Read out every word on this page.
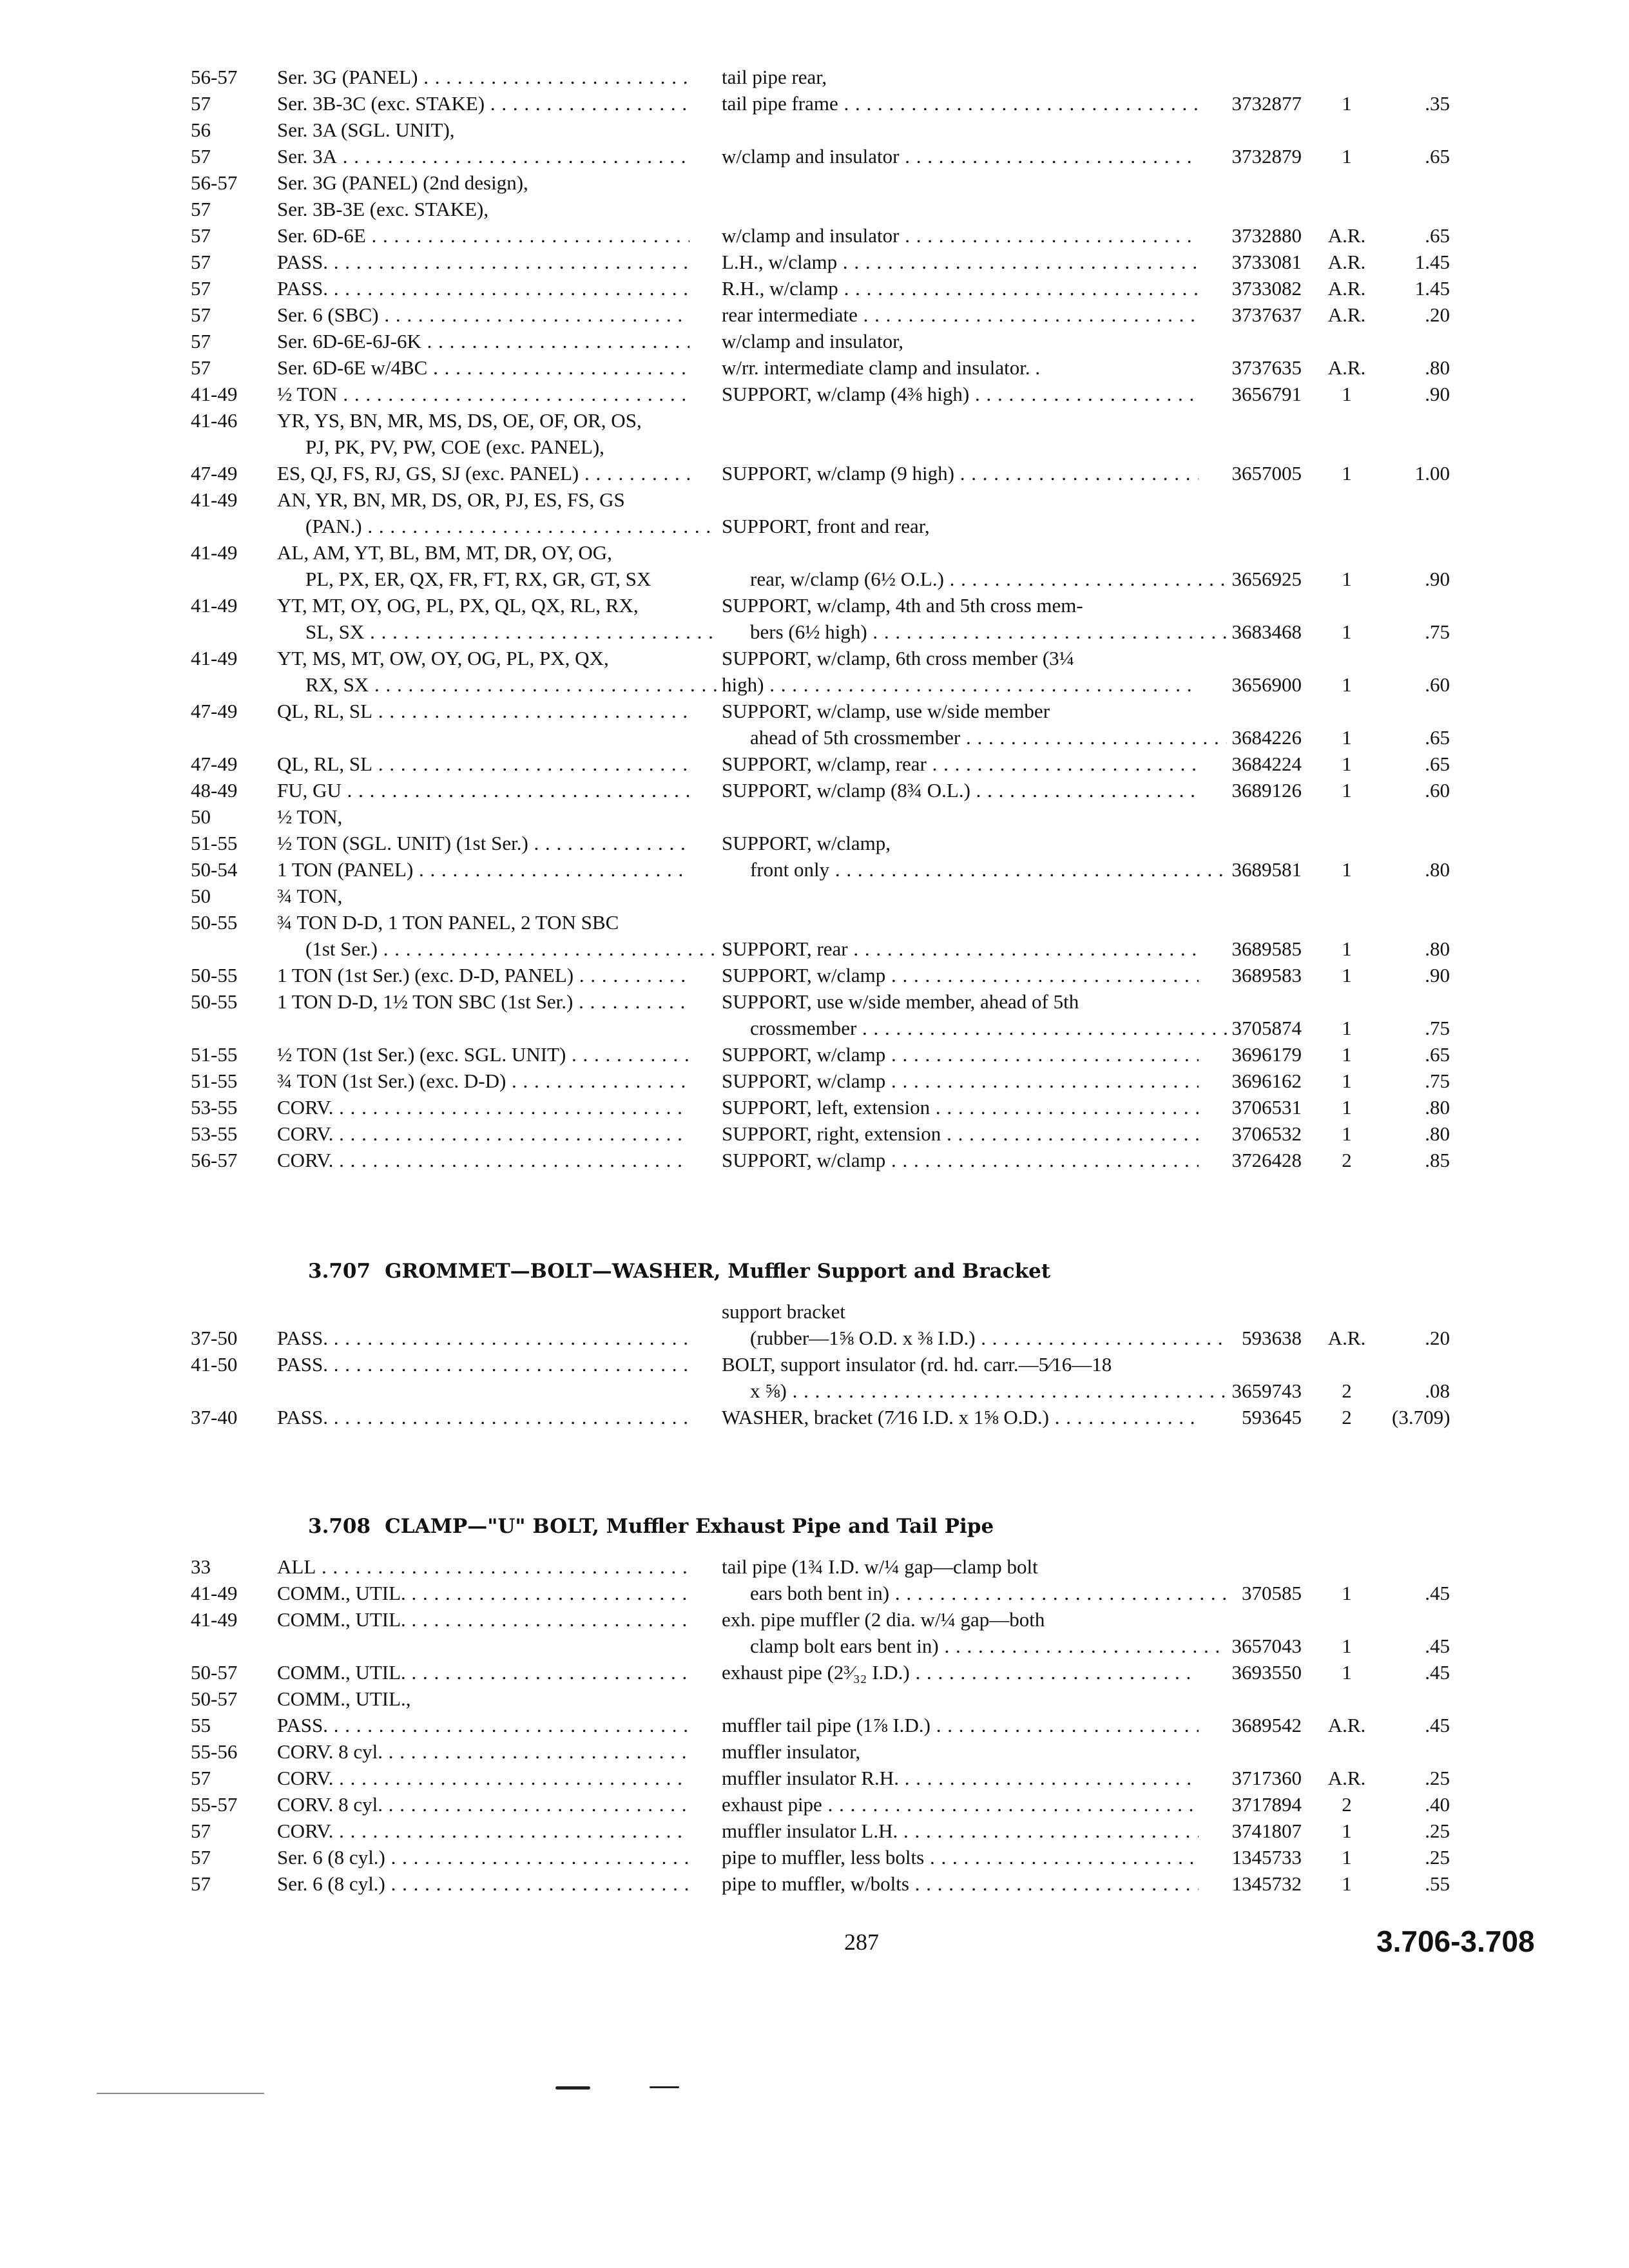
56-57	Ser. 3G (PANEL) . . .	tail pipe rear,
57	Ser. 3B-3C (exc. STAKE) . . .	tail pipe frame . . .	3732877	1	.35
56	Ser. 3A (SGL. UNIT),
57	Ser. 3A . . .	w/clamp and insulator . . .	3732879	1	.65
56-57	Ser. 3G (PANEL) (2nd design),
57	Ser. 3B-3E (exc. STAKE),
57	Ser. 6D-6E . . .	w/clamp and insulator . . .	3732880	A.R.	.65
57	PASS. . . .	L.H., w/clamp . . .	3733081	A.R.	1.45
57	PASS. . . .	R.H., w/clamp . . .	3733082	A.R.	1.45
57	Ser. 6 (SBC) . . .	rear intermediate . . .	3737637	A.R.	.20
57	Ser. 6D-6E-6J-6K . . .	w/clamp and insulator,
57	Ser. 6D-6E w/4BC . . .	w/rr. intermediate clamp and insulator. .	3737635	A.R.	.80
41-49	½ TON . . .	SUPPORT, w/clamp (4⅜ high) . . .	3656791	1	.90
41-46	YR, YS, BN, MR, MS, DS, OE, OF, OR, OS,
PJ, PK, PV, PW, COE (exc. PANEL),
47-49	ES, QJ, FS, RJ, GS, SJ (exc. PANEL) . . .	SUPPORT, w/clamp (9 high) . . .	3657005	1	1.00
41-49	AN, YR, BN, MR, DS, OR, PJ, ES, FS, GS
(PAN.) . . .	SUPPORT, front and rear,
41-49	AL, AM, YT, BL, BM, MT, DR, OY, OG,
PL, PX, ER, QX, FR, FT, RX, GR, GT, SX	rear, w/clamp (6½ O.L.) . . .	3656925	1	.90
41-49	YT, MT, OY, OG, PL, PX, QL, QX, RL, RX,	SUPPORT, w/clamp, 4th and 5th cross mem-
SL, SX . . .	bers (6½ high) . . .	3683468	1	.75
41-49	YT, MS, MT, OW, OY, OG, PL, PX, QX,	SUPPORT, w/clamp, 6th cross member (3¼
RX, SX . . .	high) . . .	3656900	1	.60
47-49	QL, RL, SL . . .	SUPPORT, w/clamp, use w/side member
ahead of 5th crossmember . . .	3684226	1	.65
47-49	QL, RL, SL . . .	SUPPORT, w/clamp, rear . . .	3684224	1	.65
48-49	FU, GU . . .	SUPPORT, w/clamp (8¾ O.L.) . . .	3689126	1	.60
50	½ TON,
51-55	½ TON (SGL. UNIT) (1st Ser.) . . .	SUPPORT, w/clamp,
50-54	1 TON (PANEL) . . .	front only . . .	3689581	1	.80
50	¾ TON,
50-55	¾ TON D-D, 1 TON PANEL, 2 TON SBC
(1st Ser.) . . .	SUPPORT, rear . . .	3689585	1	.80
50-55	1 TON (1st Ser.) (exc. D-D, PANEL) . . .	SUPPORT, w/clamp . . .	3689583	1	.90
50-55	1 TON D-D, 1½ TON SBC (1st Ser.) . . .	SUPPORT, use w/side member, ahead of 5th
crossmember . . .	3705874	1	.75
51-55	½ TON (1st Ser.) (exc. SGL. UNIT) . . .	SUPPORT, w/clamp . . .	3696179	1	.65
51-55	¾ TON (1st Ser.) (exc. D-D) . . .	SUPPORT, w/clamp . . .	3696162	1	.75
53-55	CORV. . . .	SUPPORT, left, extension . . .	3706531	1	.80
53-55	CORV. . . .	SUPPORT, right, extension . . .	3706532	1	.80
56-57	CORV. . . .	SUPPORT, w/clamp . . .	3726428	2	.85
3.707 GROMMET—BOLT—WASHER, Muffler Support and Bracket
support bracket
37-50	PASS. . . .	(rubber—1⅝ O.D. x ⅜ I.D.) . . .	593638	A.R.	.20
41-50	PASS. . . .	BOLT, support insulator (rd. hd. carr.—5⁄16—18
x ⅝) . . .	3659743	2	.08
37-40	PASS. . . .	WASHER, bracket (7⁄16 I.D. x 1⅝ O.D.) . . .	593645	2	(3.709)
3.708 CLAMP—"U" BOLT, Muffler Exhaust Pipe and Tail Pipe
33	ALL . . .	tail pipe (1¾ I.D. w/¼ gap—clamp bolt
41-49	COMM., UTIL. . . .	ears both bent in) . . .	370585	1	.45
41-49	COMM., UTIL. . . .	exh. pipe muffler (2 dia. w/¼ gap—both
clamp bolt ears bent in) . . .	3657043	1	.45
50-57	COMM., UTIL. . . .	exhaust pipe (2³⁄₃₂ I.D.) . . .	3693550	1	.45
50-57	COMM., UTIL.,
55	PASS. . . .	muffler tail pipe (1⅞ I.D.) . . .	3689542	A.R.	.45
55-56	CORV. 8 cyl. . . .	muffler insulator,
57	CORV. . . .	muffler insulator R.H. . . .	3717360	A.R.	.25
55-57	CORV. 8 cyl. . . .	exhaust pipe . . .	3717894	2	.40
57	CORV. . . .	muffler insulator L.H. . . .	3741807	1	.25
57	Ser. 6 (8 cyl.) . . .	pipe to muffler, less bolts . . .	1345733	1	.25
57	Ser. 6 (8 cyl.) . . .	pipe to muffler, w/bolts . . .	1345732	1	.55
287	3.706-3.708
